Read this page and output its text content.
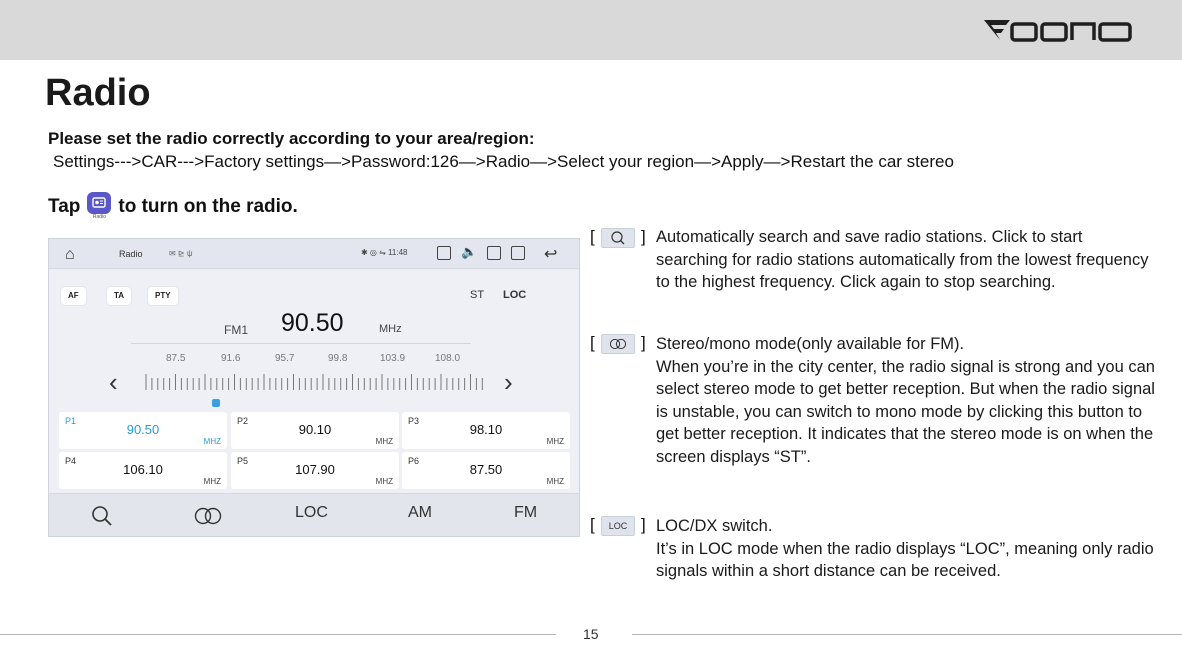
Radio
Please set the radio correctly according to your area/region:
Settings--->CAR--->Factory settings—>Password:126—>Radio—>Select your region—>Apply—>Restart the car stereo
Tap	Radio to turn on the radio.
⌂	Radio	✉ ⊵ ψ	✱ ◎ ⇋ 11:48	🔈	↩
AF	TA	PTY	ST LOC
FM1 90.50	MHz
87.5	91.6	95.7	99.8	103.9	108.0
‹	›
P1
90.50
MHZ
P2
90.10
MHZ
P3
98.10
MHZ
P4
106.10
MHZ
P5
107.90
MHZ
P6
87.50
MHZ
LOC	AM	FM
[	] Automatically search and save radio stations. Click to start searching for radio stations automatically from the lowest frequency to the highest frequency. Click again to stop searching.
[	] Stereo/mono mode(only available for FM).
When you’re in the city center, the radio signal is strong and you can select stereo mode to get better reception. But when the radio signal is unstable, you can switch to mono mode by clicking this button to get better reception. It indicates that the stereo mode is on when the screen displays “ST”.
[	LOC ] LOC/DX switch.
It’s in LOC mode when the radio displays “LOC”, meaning only radio signals within a short distance can be received.
15
